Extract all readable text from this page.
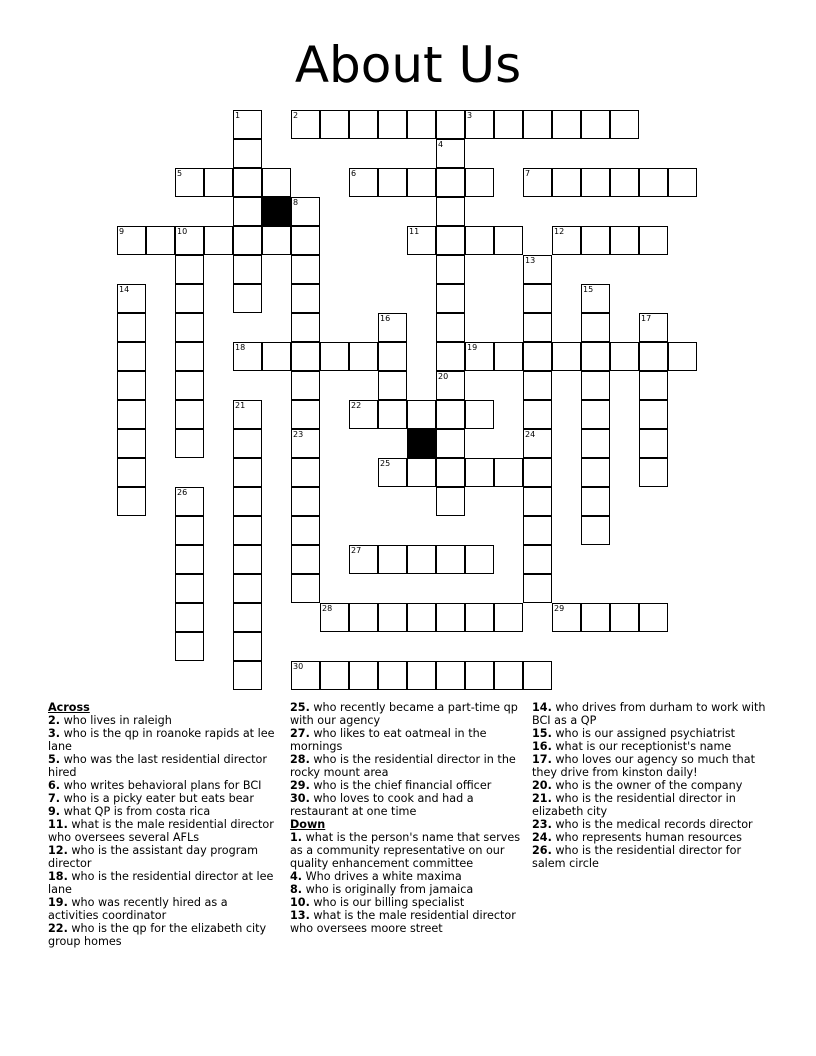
About Us
2	3
5	6	7
9	10	11	12
18	19
22
25
27
28	29
30
1
4
20
8
23
13
24
14	15
16	17
21
26
Across
2. who lives in raleigh
3. who is the qp in roanoke rapids at lee lane
5. who was the last residential director hired
6. who writes behavioral plans for BCI
7. who is a picky eater but eats bear
9. what QP is from costa rica
11. what is the male residential director who oversees several AFLs
12. who is the assistant day program director
18. who is the residential director at lee lane
19. who was recently hired as a activities coordinator
22. who is the qp for the elizabeth city group homes
25. who recently became a part-time qp with our agency
27. who likes to eat oatmeal in the mornings
28. who is the residential director in the rocky mount area
29. who is the chief financial officer
30. who loves to cook and had a restaurant at one time
Down
1. what is the person's name that serves as a community representative on our quality enhancement committee
4. Who drives a white maxima
8. who is originally from jamaica
10. who is our billing specialist
13. what is the male residential director who oversees moore street
14. who drives from durham to work with BCI as a QP
15. who is our assigned psychiatrist
16. what is our receptionist's name
17. who loves our agency so much that they drive from kinston daily!
20. who is the owner of the company
21. who is the residential director in elizabeth city
23. who is the medical records director
24. who represents human resources
26. who is the residential director for salem circle
